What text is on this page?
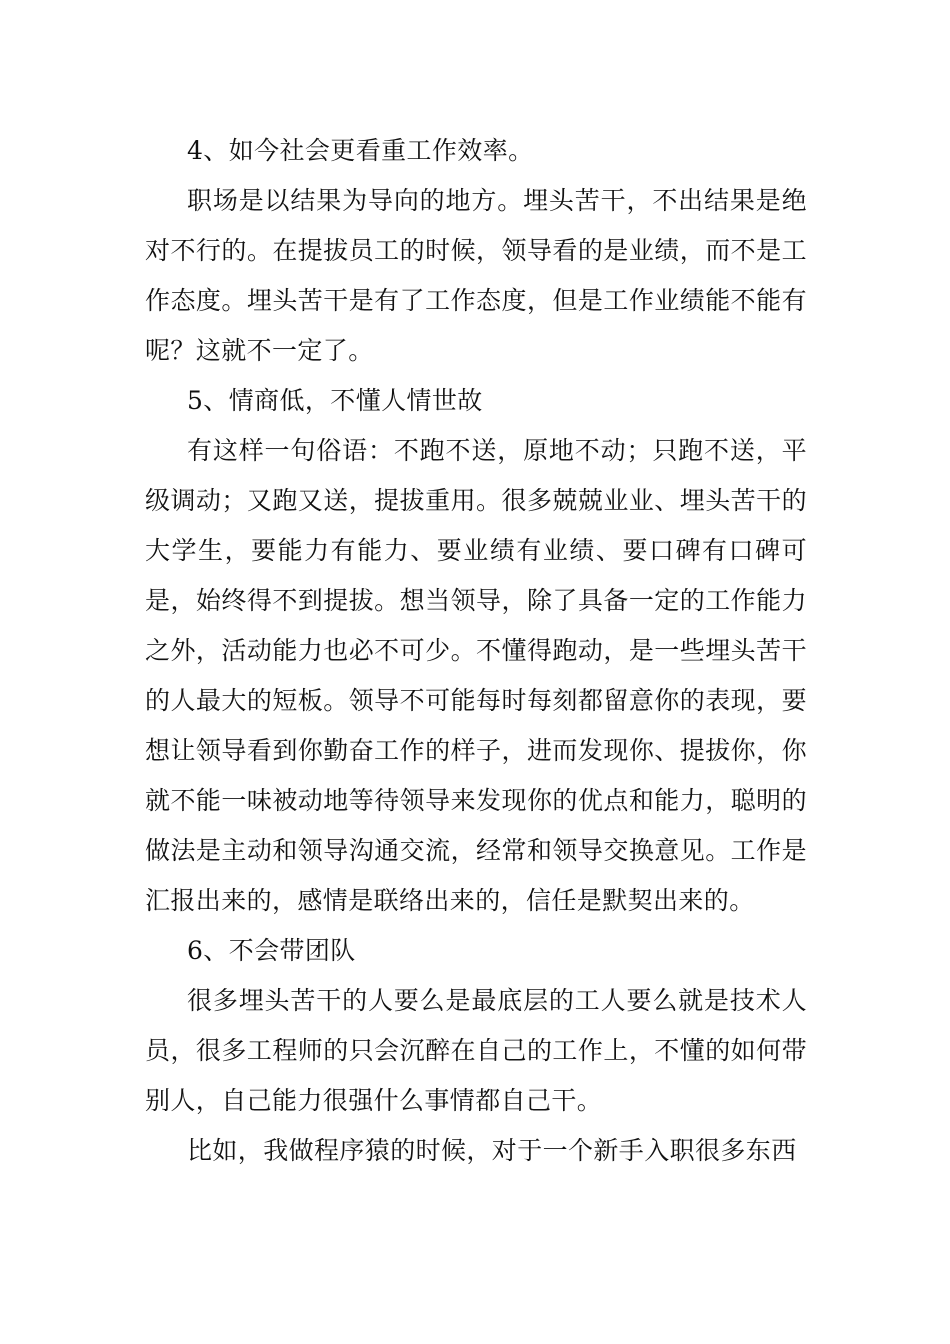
4、如今社会更看重工作效率。

职场是以结果为导向的地方。埋头苦干，不出结果是绝对不行的。在提拔员工的时候，领导看的是业绩，而不是工作态度。埋头苦干是有了工作态度，但是工作业绩能不能有呢？这就不一定了。

5、情商低，不懂人情世故

有这样一句俗语：不跑不送，原地不动；只跑不送，平级调动；又跑又送，提拔重用。很多兢兢业业、埋头苦干的大学生，要能力有能力、要业绩有业绩、要口碑有口碑可是，始终得不到提拔。想当领导，除了具备一定的工作能力之外，活动能力也必不可少。不懂得跑动，是一些埋头苦干的人最大的短板。领导不可能每时每刻都留意你的表现，要想让领导看到你勤奋工作的样子，进而发现你、提拔你，你就不能一味被动地等待领导来发现你的优点和能力，聪明的做法是主动和领导沟通交流，经常和领导交换意见。工作是汇报出来的，感情是联络出来的，信任是默契出来的。

6、不会带团队

很多埋头苦干的人要么是最底层的工人要么就是技术人员，很多工程师的只会沉醉在自己的工作上，不懂的如何带别人，自己能力很强什么事情都自己干。

比如，我做程序猿的时候，对于一个新手入职很多东西
